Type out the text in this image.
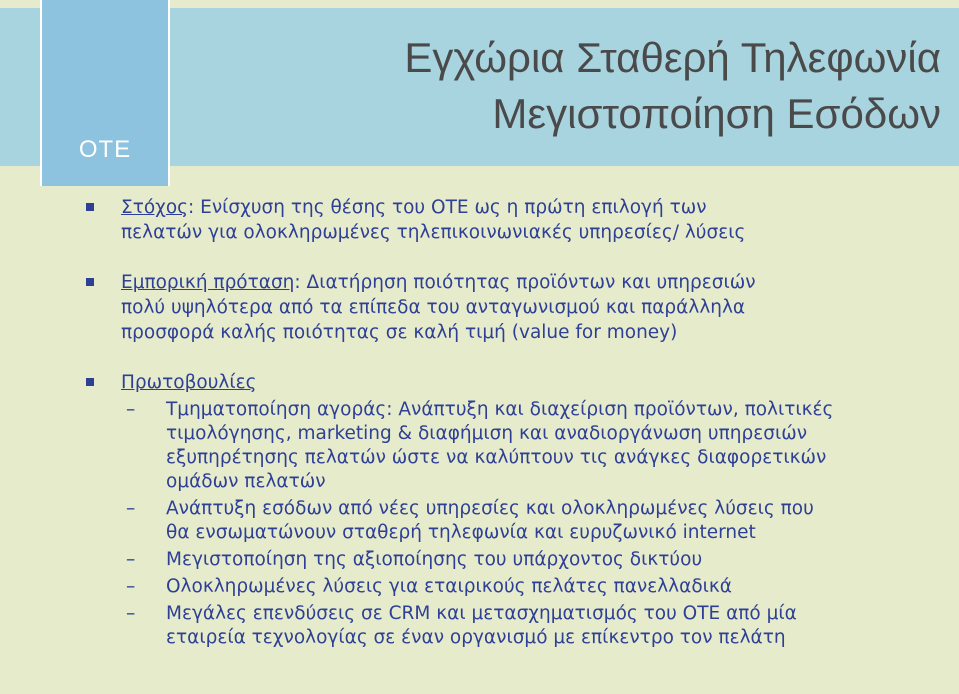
ΟΤΕ
Εγχώρια Σταθερή Τηλεφωνία
Μεγιστοποίηση Εσόδων
Στόχος: Ενίσχυση της θέσης του ΟΤΕ ως η πρώτη επιλογή των
πελατών για ολοκληρωμένες τηλεπικοινωνιακές υπηρεσίες/ λύσεις
Εμπορική πρόταση: Διατήρηση ποιότητας προϊόντων και υπηρεσιών
πολύ υψηλότερα από τα επίπεδα του ανταγωνισμού και παράλληλα
προσφορά καλής ποιότητας σε καλή τιμή (value for money)
Πρωτοβουλίες
– Τμηματοποίηση αγοράς: Ανάπτυξη και διαχείριση προϊόντων, πολιτικές
τιμολόγησης, marketing & διαφήμιση και αναδιοργάνωση υπηρεσιών
εξυπηρέτησης πελατών ώστε να καλύπτουν τις ανάγκες διαφορετικών
ομάδων πελατών
– Ανάπτυξη εσόδων από νέες υπηρεσίες και ολοκληρωμένες λύσεις που
θα ενσωματώνουν σταθερή τηλεφωνία και ευρυζωνικό internet
– Μεγιστοποίηση της αξιοποίησης του υπάρχοντος δικτύου
– Ολοκληρωμένες λύσεις για εταιρικούς πελάτες πανελλαδικά
– Μεγάλες επενδύσεις σε CRM και μετασχηματισμός του ΟΤΕ από μία
εταιρεία τεχνολογίας σε έναν οργανισμό με επίκεντρο τον πελάτη
